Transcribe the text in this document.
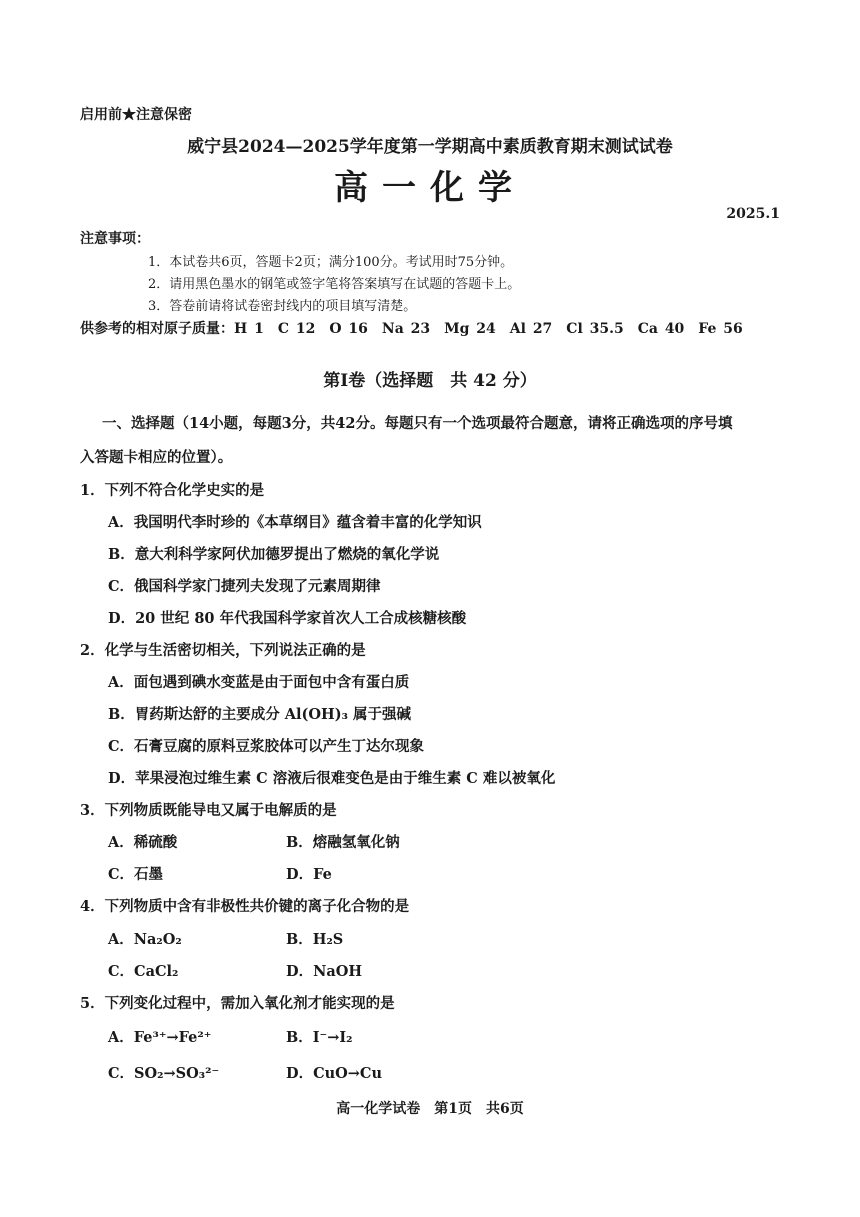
启用前★注意保密
威宁县2024—2025学年度第一学期高中素质教育期末测试试卷
高一化学
2025.1
注意事项：
1．本试卷共6页，答题卡2页；满分100分。考试用时75分钟。
2．请用黑色墨水的钢笔或签字笔将答案填写在试题的答题卡上。
3．答卷前请将试卷密封线内的项目填写清楚。
供参考的相对原子质量：H 1　C 12　O 16　Na 23　Mg 24　Al 27　Cl 35.5　Ca 40　Fe 56
第Ⅰ卷（选择题　共 42 分）
一、选择题（14小题，每题3分，共42分。每题只有一个选项最符合题意，请将正确选项的序号填
入答题卡相应的位置）。
1．下列不符合化学史实的是
A．我国明代李时珍的《本草纲目》蕴含着丰富的化学知识
B．意大利科学家阿伏加德罗提出了燃烧的氧化学说
C．俄国科学家门捷列夫发现了元素周期律
D．20 世纪 80 年代我国科学家首次人工合成核糖核酸
2．化学与生活密切相关，下列说法正确的是
A．面包遇到碘水变蓝是由于面包中含有蛋白质
B．胃药斯达舒的主要成分 Al(OH)₃ 属于强碱
C．石膏豆腐的原料豆浆胶体可以产生丁达尔现象
D．苹果浸泡过维生素 C 溶液后很难变色是由于维生素 C 难以被氧化
3．下列物质既能导电又属于电解质的是
A．稀硫酸	B．熔融氢氧化钠
C．石墨	D．Fe
4．下列物质中含有非极性共价键的离子化合物的是
A．Na₂O₂	B．H₂S
C．CaCl₂	D．NaOH
5．下列变化过程中，需加入氧化剂才能实现的是
A．Fe³⁺→Fe²⁺	B．I⁻→I₂
C．SO₂→SO₃²⁻	D．CuO→Cu
高一化学试卷　第1页　共6页
